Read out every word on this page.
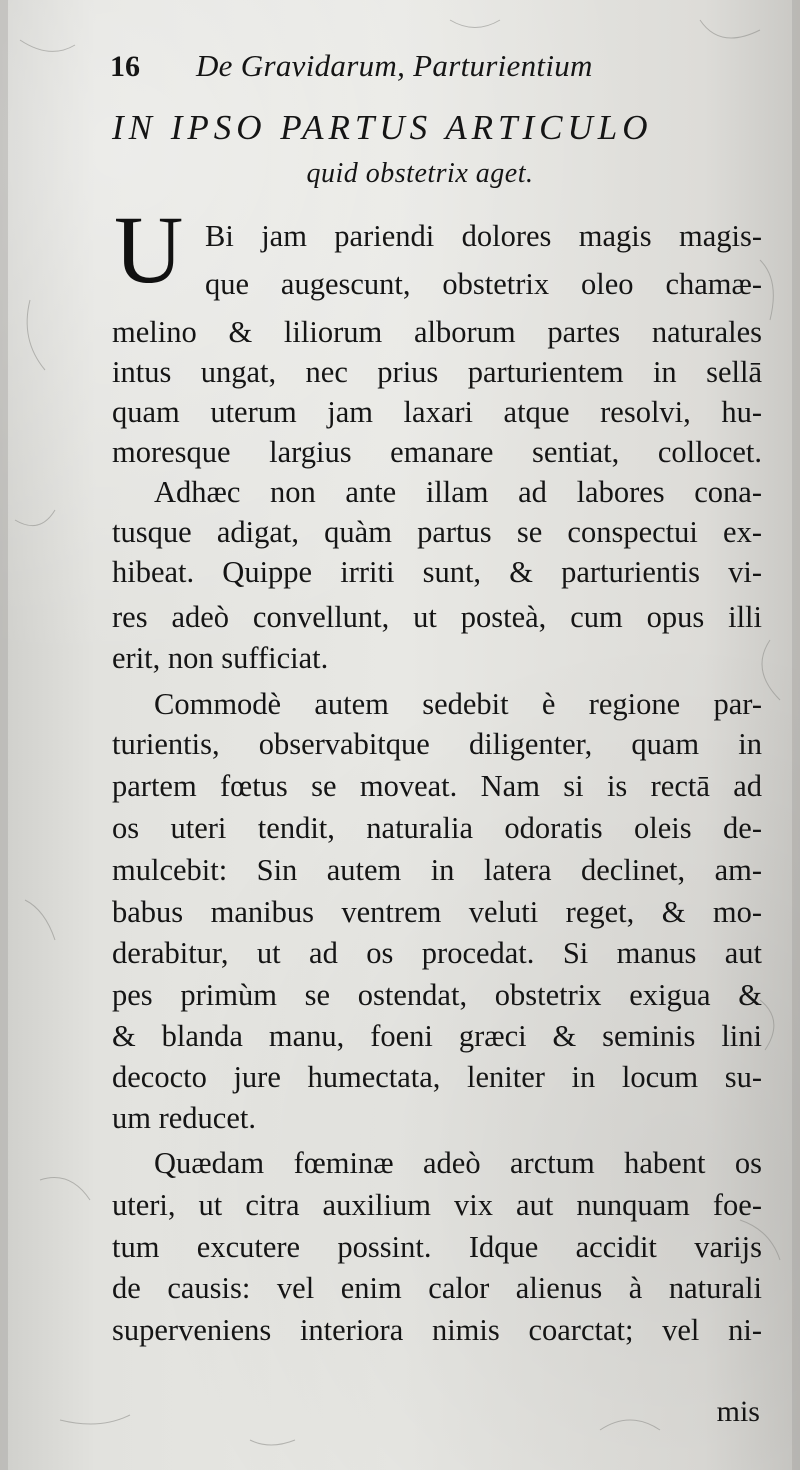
16	De Gravidarum, Parturientium
IN IPSO PARTUS ARTICULO
quid obstetrix aget.
U Bi jam pariendi dolores magis magis-
que augescunt, obstetrix oleo chamæ-
melino & liliorum alborum partes naturales
intus ungat, nec prius parturientem in sellā
quam uterum jam laxari atque resolvi, hu-
moresque largius emanare sentiat, collocet.
Adhæc non ante illam ad labores cona-
tusque adigat, quàm partus se conspectui ex-
hibeat. Quippe irriti sunt, & parturientis vi-
res adeò convellunt, ut posteà, cum opus illi
erit, non sufficiat.
Commodè autem sedebit è regione par-
turientis, observabitque diligenter, quam in
partem fœtus se moveat. Nam si is rectā ad
os uteri tendit, naturalia odoratis oleis de-
mulcebit: Sin autem in latera declinet, am-
babus manibus ventrem veluti reget, & mo-
derabitur, ut ad os procedat. Si manus aut
pes primùm se ostendat, obstetrix exigua &
& blanda manu, foeni græci & seminis lini
decocto jure humectata, leniter in locum su-
um reducet.
Quædam fœminæ adeò arctum habent os
uteri, ut citra auxilium vix aut nunquam foe-
tum excutere possint. Idque accidit varijs
de causis: vel enim calor alienus à naturali
superveniens interiora nimis coarctat; vel ni-
mis
